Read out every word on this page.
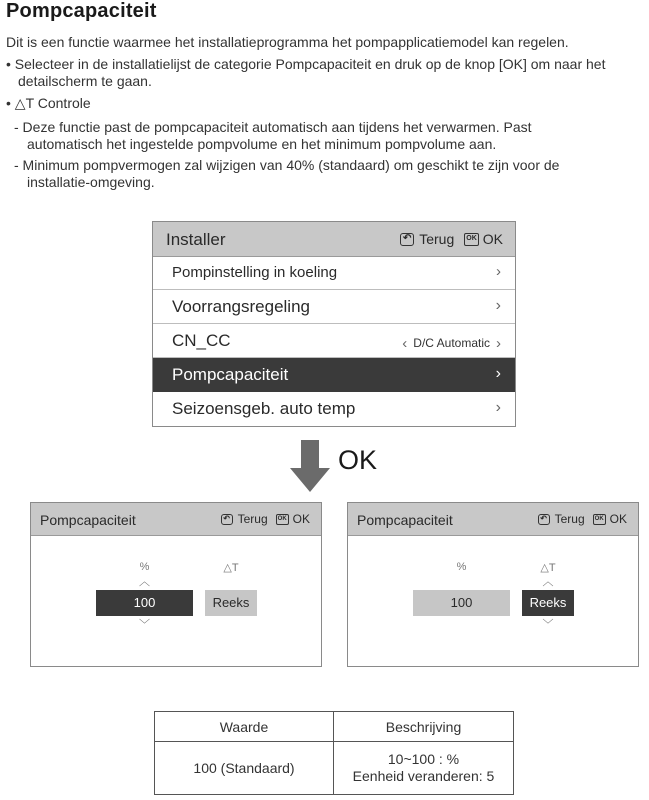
Pompcapaciteit
Dit is een functie waarmee het installatieprogramma het pompapplicatiemodel kan regelen.
• Selecteer in de installatielijst de categorie Pompcapaciteit en druk op de knop [OK] om naar het
detailscherm te gaan.
• △T Controle
- Deze functie past de pompcapaciteit automatisch aan tijdens het verwarmen. Past
automatisch het ingestelde pompvolume en het minimum pompvolume aan.
- Minimum pompvermogen zal wijzigen van 40% (standaard) om geschikt te zijn voor de
installatie-omgeving.
Installer	↶ Terug OK OK
Pompinstelling in koeling	›
Voorrangsregeling	›
CN_CC	‹ D/C Automatic ›
Pompcapaciteit	›
Seizoensgeb. auto temp	›
OK
Pompcapaciteit	↶ Terug	OK OK
%	△T
︿
100
﹀
Reeks
Pompcapaciteit	↶ Terug	OK OK
%	△T
100
︿
Reeks
﹀
Waarde	Beschrijving
100 (Standaard)	10~100 : %
Eenheid veranderen: 5
